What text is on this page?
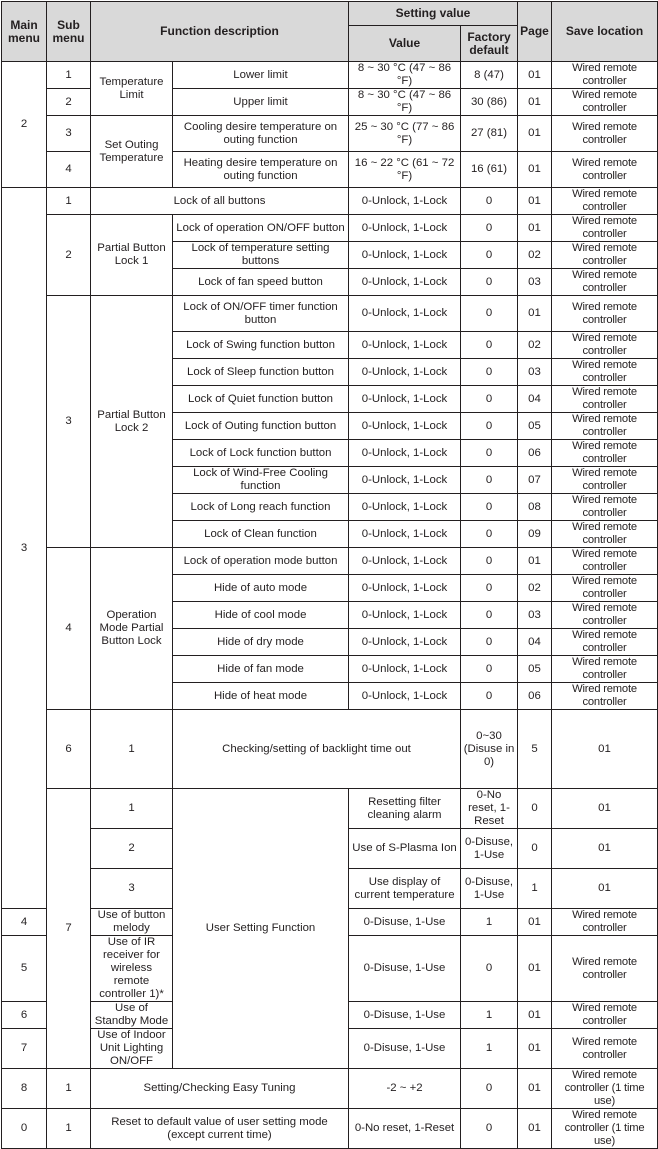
Main menu	Sub menu	Function description		Setting value		Page	Save location	
				Value	Factory default			
2	1	Temperature Limit	Lower limit	8 ~ 30 °C (47 ~ 86 °F)	8 (47)	01	Wired remote controller	
	2		Upper limit	8 ~ 30 °C (47 ~ 86 °F)	30 (86)	01	Wired remote controller	
	3	Set Outing Temperature	Cooling desire temperature on outing function	25 ~ 30 °C (77 ~ 86 °F)	27 (81)	01	Wired remote controller	
	4		Heating desire temperature on outing function	16 ~ 22 °C (61 ~ 72 °F)	16 (61)	01	Wired remote controller	
3	1	Lock of all buttons		0-Unlock, 1-Lock	0	01	Wired remote controller	
	2	Partial Button Lock 1	Lock of operation ON/OFF button	0-Unlock, 1-Lock	0	01	Wired remote controller	
			Lock of temperature setting buttons	0-Unlock, 1-Lock	0	02	Wired remote controller	
			Lock of fan speed button	0-Unlock, 1-Lock	0	03	Wired remote controller	
	3	Partial Button Lock 2	Lock of ON/OFF timer function button	0-Unlock, 1-Lock	0	01	Wired remote controller	
			Lock of Swing function button	0-Unlock, 1-Lock	0	02	Wired remote controller	
			Lock of Sleep function button	0-Unlock, 1-Lock	0	03	Wired remote controller	
			Lock of Quiet function button	0-Unlock, 1-Lock	0	04	Wired remote controller	
			Lock of Outing function button	0-Unlock, 1-Lock	0	05	Wired remote controller	
			Lock of Lock function button	0-Unlock, 1-Lock	0	06	Wired remote controller	
			Lock of Wind-Free Cooling function	0-Unlock, 1-Lock	0	07	Wired remote controller	
			Lock of Long reach function	0-Unlock, 1-Lock	0	08	Wired remote controller	
			Lock of Clean function	0-Unlock, 1-Lock	0	09	Wired remote controller	
	4	Operation Mode Partial Button Lock	Lock of operation mode button	0-Unlock, 1-Lock	0	01	Wired remote controller	
			Hide of auto mode	0-Unlock, 1-Lock	0	02	Wired remote controller	
			Hide of cool mode	0-Unlock, 1-Lock	0	03	Wired remote controller	
			Hide of dry mode	0-Unlock, 1-Lock	0	04	Wired remote controller	
			Hide of fan mode	0-Unlock, 1-Lock	0	05	Wired remote controller	
			Hide of heat mode	0-Unlock, 1-Lock	0	06	Wired remote controller	
	6	1	Checking/setting of backlight time out		0~30 (Disuse in 0)	5	01	
	7	1	User Setting Function	Resetting filter cleaning alarm	0-No reset, 1-Reset	0	01	
		2		Use of S-Plasma Ion	0-Disuse, 1-Use	0	01	
		3		Use display of current temperature	0-Disuse, 1-Use	1	01	
4		Use of button melody		0-Disuse, 1-Use	1	01	Wired remote controller	
5		Use of IR receiver for wireless remote controller 1)*		0-Disuse, 1-Use	0	01	Wired remote controller	
6		Use of Standby Mode		0-Disuse, 1-Use	1	01	Wired remote controller	
7		Use of Indoor Unit Lighting ON/OFF		0-Disuse, 1-Use	1	01	Wired remote controller	
8	1	Setting/Checking Easy Tuning		-2 ~ +2	0	01	Wired remote controller (1 time use)	
0	1	Reset to default value of user setting mode (except current time)		0-No reset, 1-Reset	0	01	Wired remote controller (1 time use)	
